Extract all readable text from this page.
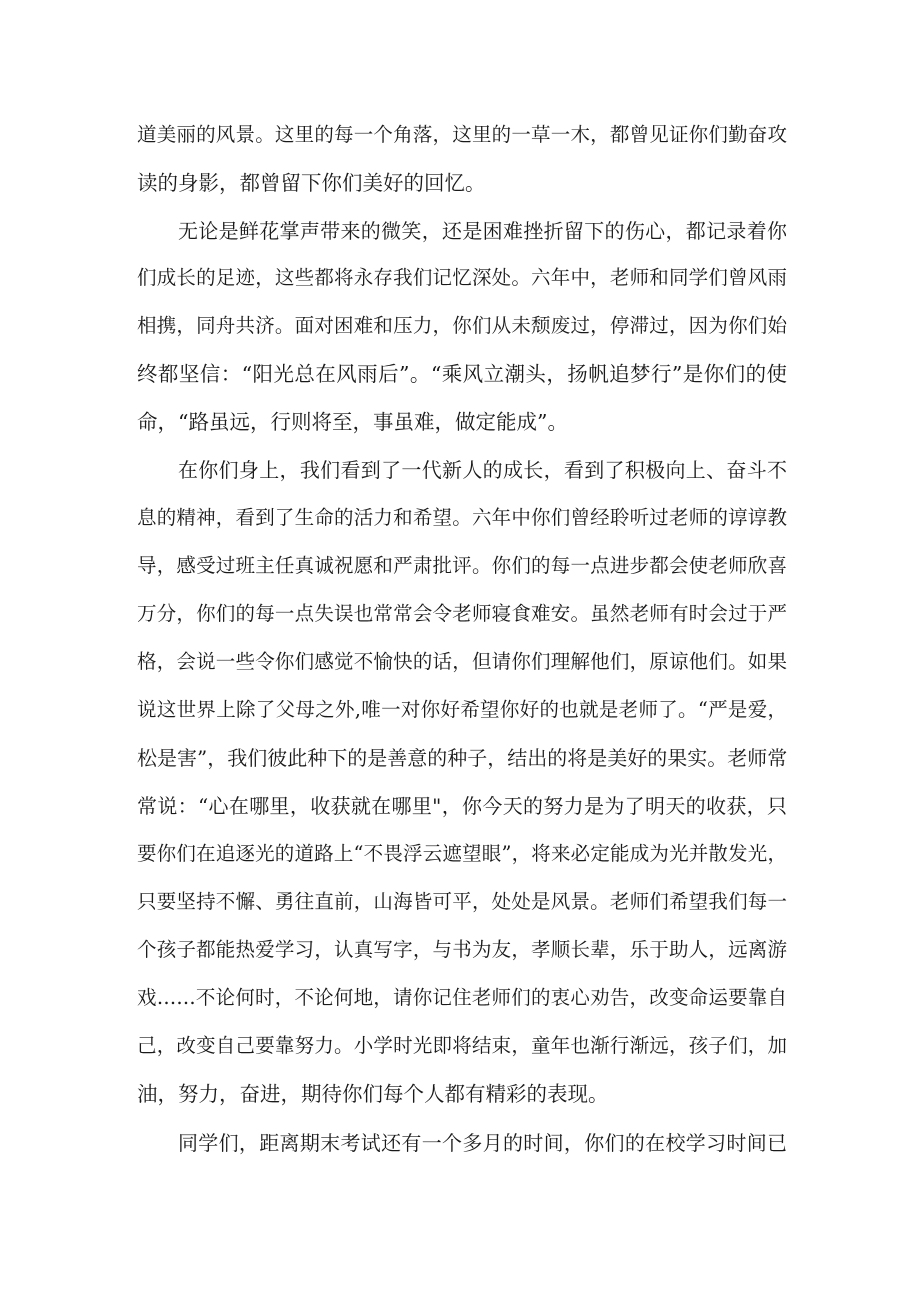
道美丽的风景。这里的每一个角落，这里的一草一木，都曾见证你们勤奋攻
读的身影，都曾留下你们美好的回忆。
无论是鲜花掌声带来的微笑，还是困难挫折留下的伤心，都记录着你
们成长的足迹，这些都将永存我们记忆深处。六年中，老师和同学们曾风雨
相携，同舟共济。面对困难和压力，你们从未颓废过，停滞过，因为你们始
终都坚信：“阳光总在风雨后”。“乘风立潮头，扬帆追梦行”是你们的使
命，“路虽远，行则将至，事虽难，做定能成”。
在你们身上，我们看到了一代新人的成长，看到了积极向上、奋斗不
息的精神，看到了生命的活力和希望。六年中你们曾经聆听过老师的谆谆教
导，感受过班主任真诚祝愿和严肃批评。你们的每一点进步都会使老师欣喜
万分，你们的每一点失误也常常会令老师寝食难安。虽然老师有时会过于严
格，会说一些令你们感觉不愉快的话，但请你们理解他们，原谅他们。如果
说这世界上除了父母之外,唯一对你好希望你好的也就是老师了。“严是爱，
松是害”，我们彼此种下的是善意的种子，结出的将是美好的果实。老师常
常说：“心在哪里，收获就在哪里"，你今天的努力是为了明天的收获，只
要你们在追逐光的道路上“不畏浮云遮望眼”，将来必定能成为光并散发光，
只要坚持不懈、勇往直前，山海皆可平，处处是风景。老师们希望我们每一
个孩子都能热爱学习，认真写字，与书为友，孝顺长辈，乐于助人，远离游
戏……不论何时，不论何地，请你记住老师们的衷心劝告，改变命运要靠自
己，改变自己要靠努力。小学时光即将结束，童年也渐行渐远，孩子们，加
油，努力，奋进，期待你们每个人都有精彩的表现。
同学们，距离期末考试还有一个多月的时间，你们的在校学习时间已
